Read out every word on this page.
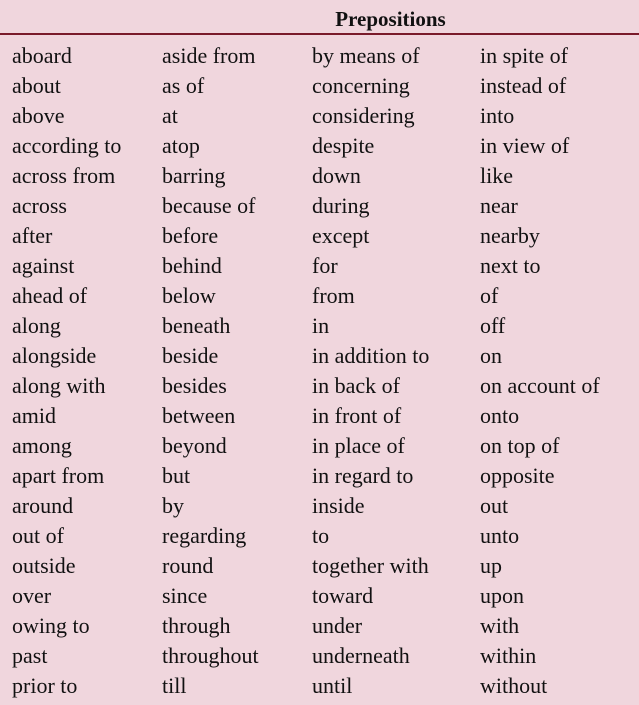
Prepositions
aboard
about
above
according to
across from
across
after
against
ahead of
along
alongside
along with
amid
among
apart from
around
out of
outside
over
owing to
past
prior to
aside from
as of
at
atop
barring
because of
before
behind
below
beneath
beside
besides
between
beyond
but
by
regarding
round
since
through
throughout
till
by means of
concerning
considering
despite
down
during
except
for
from
in
in addition to
in back of
in front of
in place of
in regard to
inside
to
together with
toward
under
underneath
until
in spite of
instead of
into
in view of
like
near
nearby
next to
of
off
on
on account of
onto
on top of
opposite
out
unto
up
upon
with
within
without
